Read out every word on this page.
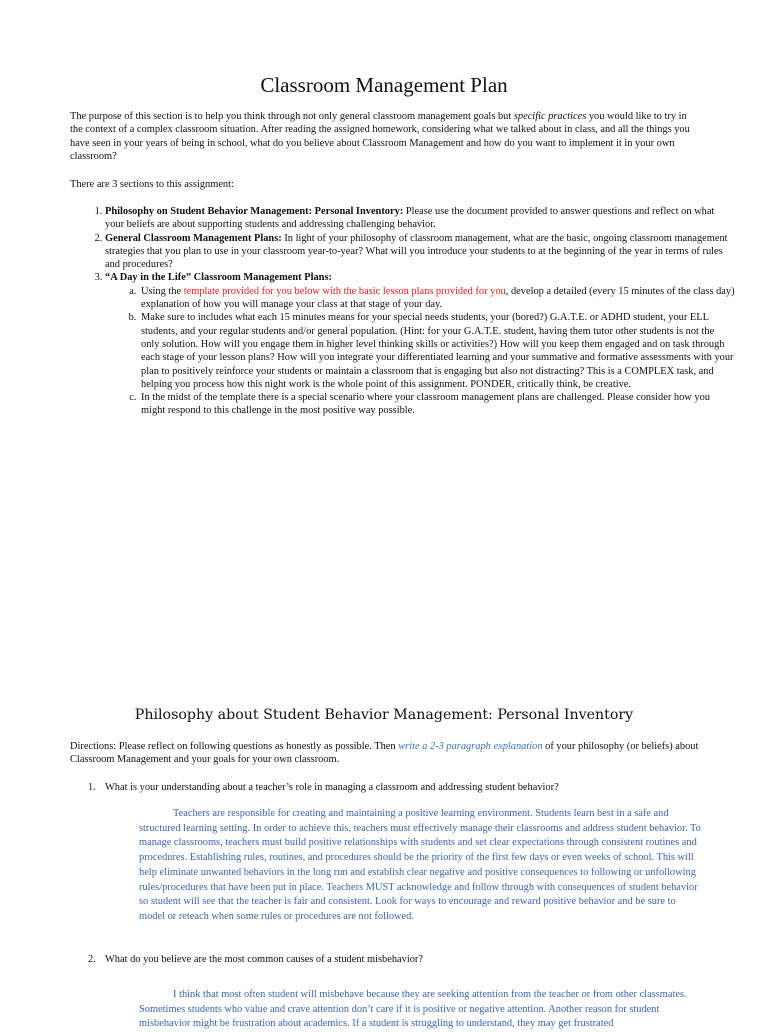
Classroom Management Plan

The purpose of this section is to help you think through not only general classroom management goals but specific practices you would like to try in the context of a complex classroom situation. After reading the assigned homework, considering what we talked about in class, and all the things you have seen in your years of being in school, what do you believe about Classroom Management and how do you want to implement it in your own classroom?

There are 3 sections to this assignment:

1. Philosophy on Student Behavior Management: Personal Inventory: Please use the document provided to answer questions and reflect on what your beliefs are about supporting students and addressing challenging behavior.
2. General Classroom Management Plans: In light of your philosophy of classroom management, what are the basic, ongoing classroom management strategies that you plan to use in your classroom year-to-year? What will you introduce your students to at the beginning of the year in terms of rules and procedures?
3. “A Day in the Life” Classroom Management Plans:
a. Using the template provided for you below with the basic lesson plans provided for you, develop a detailed (every 15 minutes of the class day) explanation of how you will manage your class at that stage of your day.
b. Make sure to includes what each 15 minutes means for your special needs students, your (bored?) G.A.T.E. or ADHD student, your ELL students, and your regular students and/or general population. (Hint: for your G.A.T.E. student, having them tutor other students is not the only solution. How will you engage them in higher level thinking skills or activities?) How will you keep them engaged and on task through each stage of your lesson plans? How will you integrate your differentiated learning and your summative and formative assessments with your plan to positively reinforce your students or maintain a classroom that is engaging but also not distracting? This is a COMPLEX task, and helping you process how this night work is the whole point of this assignment. PONDER, critically think, be creative.
c. In the midst of the template there is a special scenario where your classroom management plans are challenged. Please consider how you might respond to this challenge in the most positive way possible.
Philosophy about Student Behavior Management: Personal Inventory

Directions: Please reflect on following questions as honestly as possible. Then write a 2-3 paragraph explanation of your philosophy (or beliefs) about Classroom Management and your goals for your own classroom.

1. What is your understanding about a teacher’s role in managing a classroom and addressing student behavior?

Teachers are responsible for creating and maintaining a positive learning environment. Students learn best in a safe and structured learning setting. In order to achieve this, teachers must effectively manage their classrooms and address student behavior. To manage classrooms, teachers must build positive relationships with students and set clear expectations through consistent routines and procedures. Establishing rules, routines, and procedures should be the priority of the first few days or even weeks of school. This will help eliminate unwanted behaviors in the long run and establish clear negative and positive consequences to following or unfollowing rules/procedures that have been put in place. Teachers MUST acknowledge and follow through with consequences of student behavior so student will see that the teacher is fair and consistent. Look for ways to encourage and reward positive behavior and be sure to model or reteach when some rules or procedures are not followed.

2. What do you believe are the most common causes of a student misbehavior?

I think that most often student will misbehave because they are seeking attention from the teacher or from other classmates. Sometimes students who value and crave attention don’t care if it is positive or negative attention. Another reason for student misbehavior might be frustration about academics. If a student is struggling to understand, they may get frustrated
